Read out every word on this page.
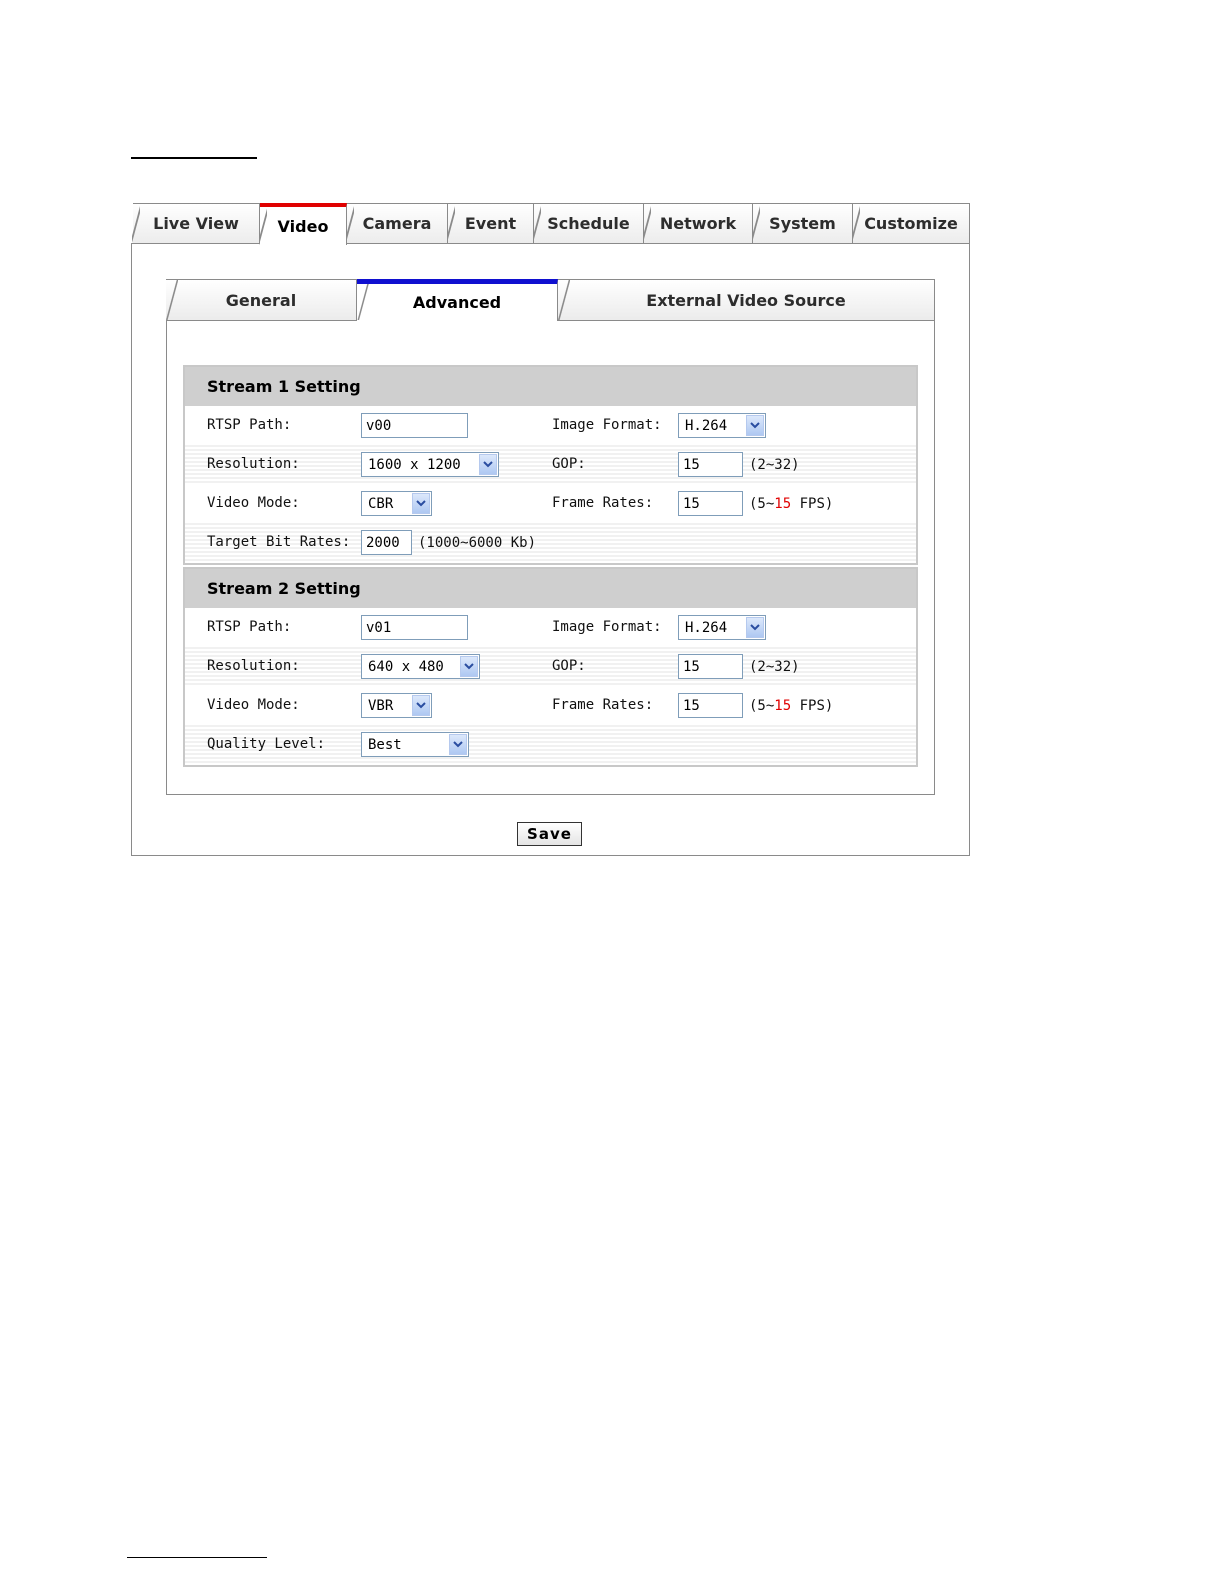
Live View	Video	Camera	Event	Schedule	Network	System	Customize
General	Advanced	External Video Source
Stream 1 Setting
RTSP Path:	v00	Image Format: H.264
Resolution:	1600 x 1200	GOP:	15	(2~32)
Video Mode:	CBR	Frame Rates:	15	(5~15 FPS)
Target Bit Rates:	2000	(1000~6000 Kb)
Stream 2 Setting
RTSP Path:	v01	Image Format: H.264
Resolution:	640 x 480	GOP:	15	(2~32)
Video Mode:	VBR	Frame Rates:	15	(5~15 FPS)
Quality Level:	Best
Save
